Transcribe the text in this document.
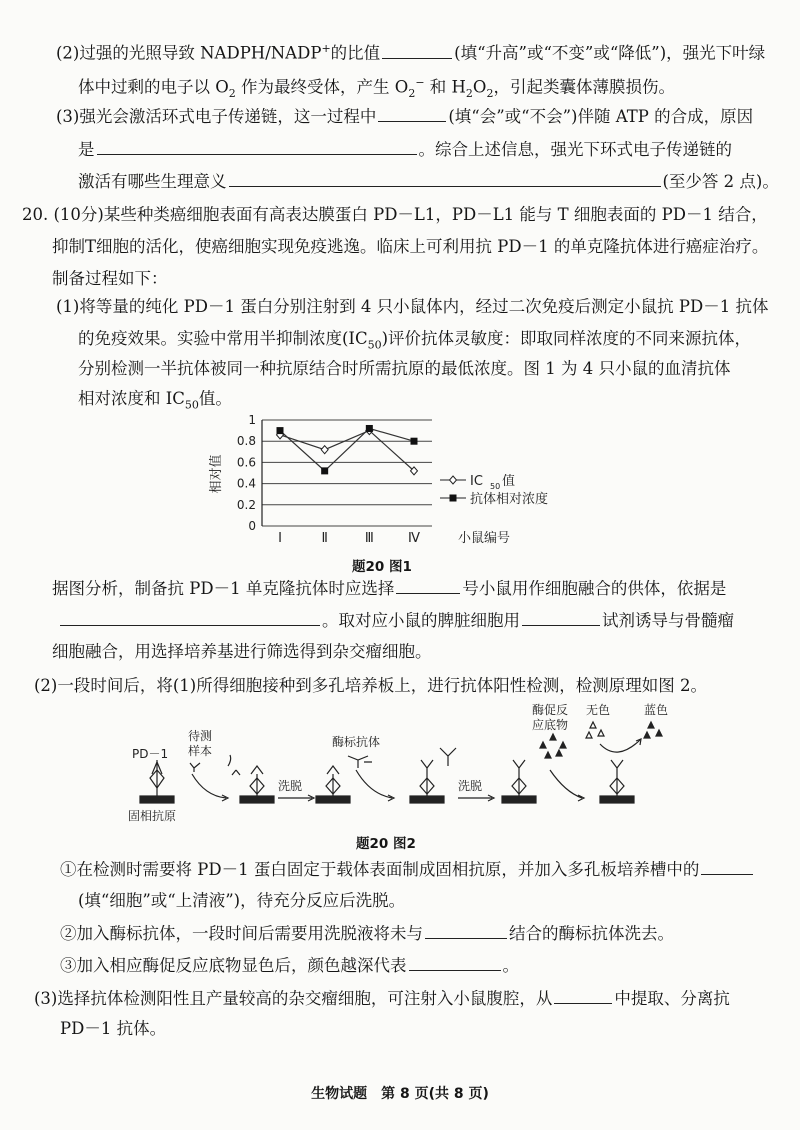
(2)过强的光照导致 NADPH/NADP+的比值	(填“升高”或“不变”或“降低”)，强光下叶绿
体中过剩的电子以 $O_2$ 作为最终受体，产生 $O_2^-$ 和 $H_2O_2$，引起类囊体薄膜损伤。
(3)强光会激活环式电子传递链，这一过程中	(填“会”或“不会”)伴随 ATP 的合成，原因
是	。综合上述信息，强光下环式电子传递链的
激活有哪些生理意义	(至少答 2 点)。
20. (10分)某些种类癌细胞表面有高表达膜蛋白 PD－L1，PD－L1 能与 T 细胞表面的 PD－1 结合，
抑制T细胞的活化，使癌细胞实现免疫逃逸。临床上可利用抗 PD－1 的单克隆抗体进行癌症治疗。
制备过程如下：
(1)将等量的纯化 PD－1 蛋白分别注射到 4 只小鼠体内，经过二次免疫后测定小鼠抗 PD－1 抗体
的免疫效果。实验中常用半抑制浓度$(IC_{50})$评价抗体灵敏度：即取同样浓度的不同来源抗体，
分别检测一半抗体被同一种抗原结合时所需抗原的最低浓度。图 1 为 4 只小鼠的血清抗体
相对浓度和 $IC_{50}$值。
0
0.2
0.4
0.6
0.8
1
相对值
Ⅰ	Ⅱ	Ⅲ	Ⅳ	小鼠编号
IC 50 值
抗体相对浓度
题20 图1
据图分析，制备抗 PD－1 单克隆抗体时应选择	号小鼠用作细胞融合的供体，依据是
。取对应小鼠的脾脏细胞用	试剂诱导与骨髓瘤
细胞融合，用选择培养基进行筛选得到杂交瘤细胞。
(2)一段时间后，将(1)所得细胞接种到多孔培养板上，进行抗体阳性检测，检测原理如图 2。
PD－1
固相抗原
待测
样本
洗脱
酶标抗体
洗脱
酶促反
应底物
无色	蓝色
题20 图2
①在检测时需要将 PD－1 蛋白固定于载体表面制成固相抗原，并加入多孔板培养槽中的
(填“细胞”或“上清液”)，待充分反应后洗脱。
②加入酶标抗体，一段时间后需要用洗脱液将未与	结合的酶标抗体洗去。
③加入相应酶促反应底物显色后，颜色越深代表	。
(3)选择抗体检测阳性且产量较高的杂交瘤细胞，可注射入小鼠腹腔，从	中提取、分离抗
PD－1 抗体。
生物试题　第 8 页(共 8 页)
